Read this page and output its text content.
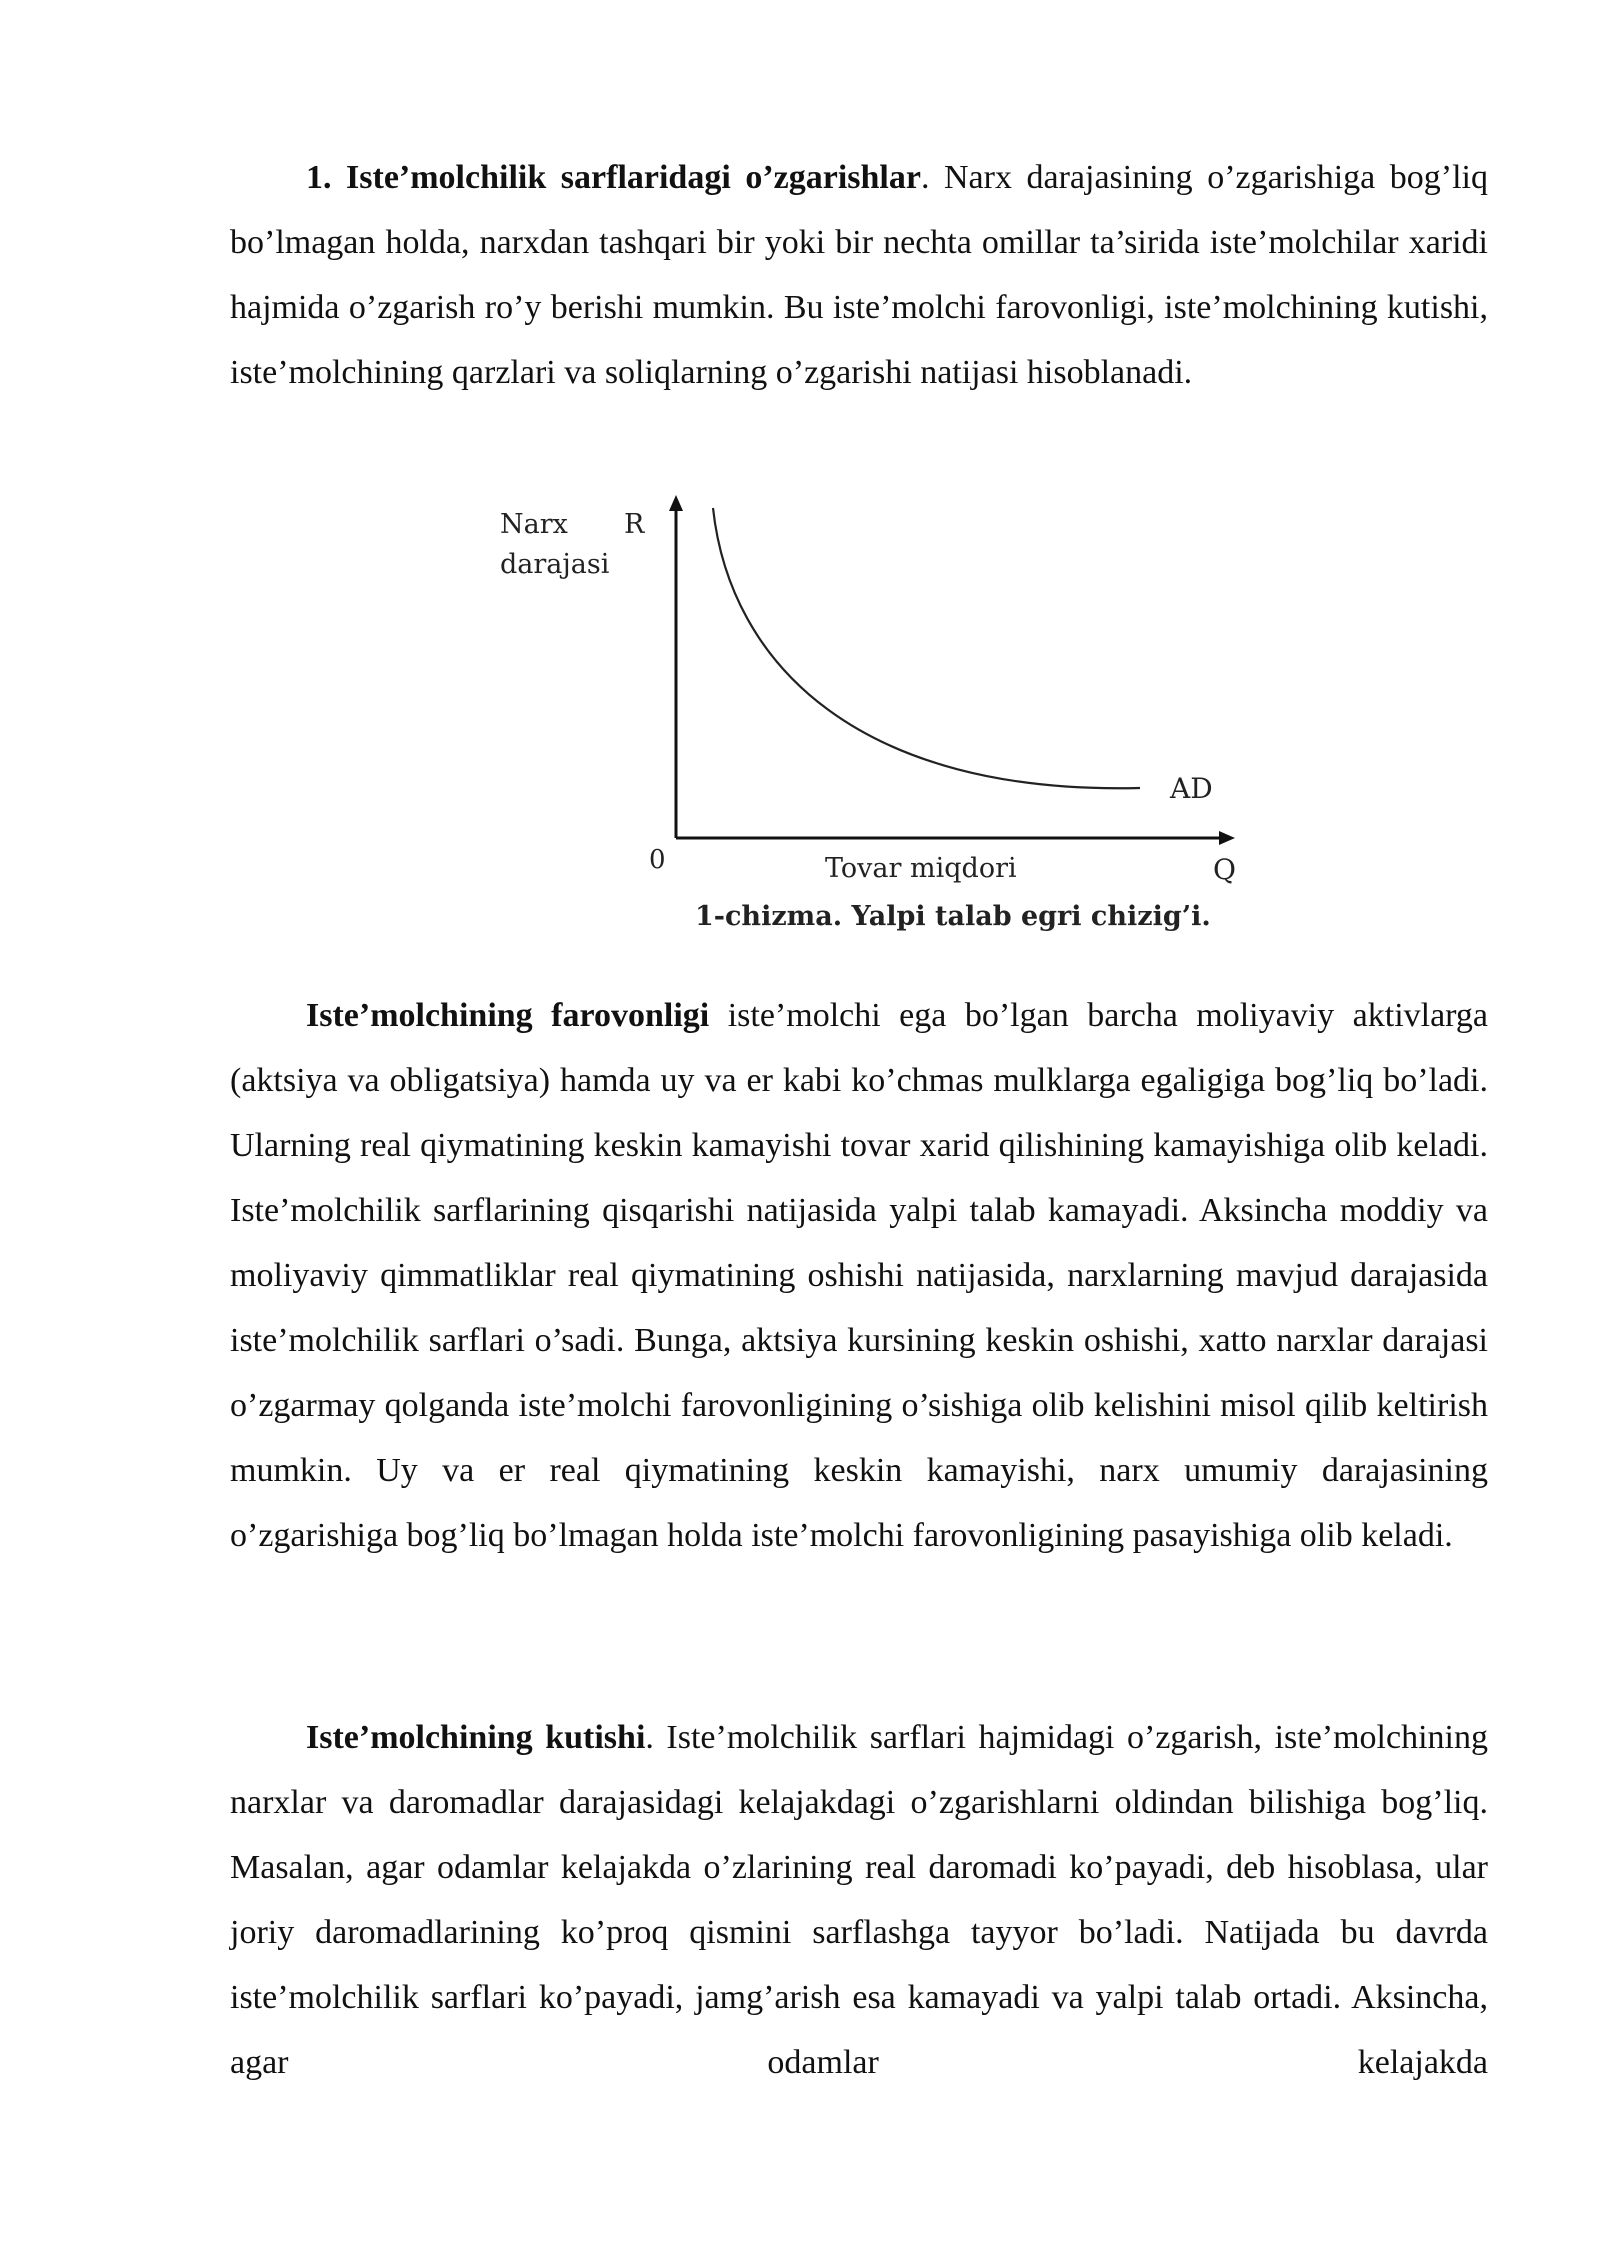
1. Iste’molchilik sarflaridagi o’zgarishlar. Narx darajasining o’zgarishiga bog’liq bo’lmagan holda, narxdan tashqari bir yoki bir nechta omillar ta’sirida iste’molchilar xaridi hajmida o’zgarish ro’y berishi mumkin. Bu iste’molchi farovonligi, iste’molchining kutishi, iste’molchining qarzlari va soliqlarning o’zgarishi natijasi hisoblanadi.

Narx
darajasi
R
0	Tovar miqdori	Q
AD
1-chizma. Yalpi talab egri chizig’i.

Iste’molchining farovonligi iste’molchi ega bo’lgan barcha moliyaviy aktivlarga (aktsiya va obligatsiya) hamda uy va er kabi ko’chmas mulklarga egaligiga bog’liq bo’ladi. Ularning real qiymatining keskin kamayishi tovar xarid qilishining kamayishiga olib keladi. Iste’molchilik sarflarining qisqarishi natijasida yalpi talab kamayadi. Aksincha moddiy va moliyaviy qimmatliklar real qiymatining oshishi natijasida, narxlarning mavjud darajasida iste’molchilik sarflari o’sadi. Bunga, aktsiya kursining keskin oshishi, xatto narxlar darajasi o’zgarmay qolganda iste’molchi farovonligining o’sishiga olib kelishini misol qilib keltirish mumkin. Uy va er real qiymatining keskin kamayishi, narx umumiy darajasining o’zgarishiga bog’liq bo’lmagan holda iste’molchi farovonligining pasayishiga olib keladi.

Iste’molchining kutishi. Iste’molchilik sarflari hajmidagi o’zgarish, iste’molchining narxlar va daromadlar darajasidagi kelajakdagi o’zgarishlarni oldindan bilishiga bog’liq. Masalan, agar odamlar kelajakda o’zlarining real daromadi ko’payadi, deb hisoblasa, ular joriy daromadlarining ko’proq qismini sarflashga tayyor bo’ladi. Natijada bu davrda iste’molchilik sarflari ko’payadi, jamg’arish esa kamayadi va yalpi talab ortadi. Aksincha, agar odamlar kelajakda
